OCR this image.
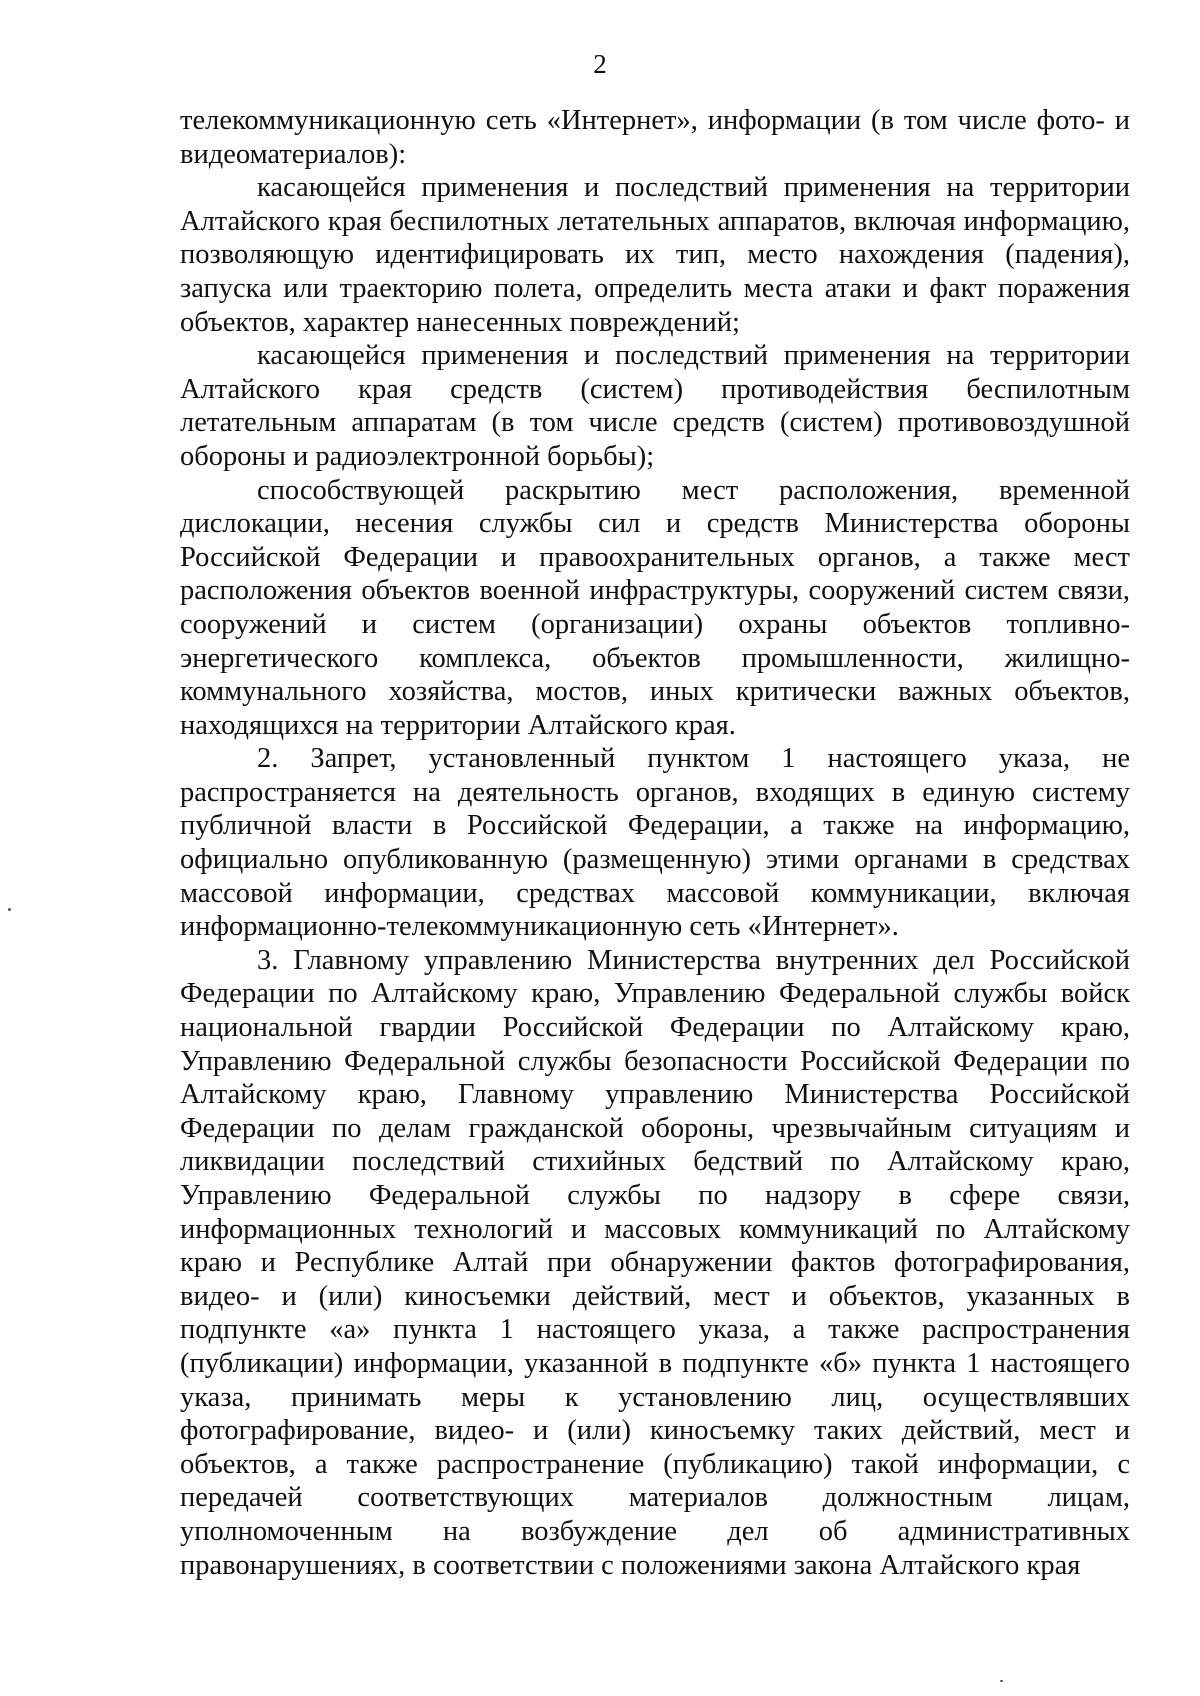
2

телекоммуникационную сеть «Интернет», информации (в том числе фото- и видеоматериалов):

касающейся применения и последствий применения на территории Алтайского края беспилотных летательных аппаратов, включая информацию, позволяющую идентифицировать их тип, место нахождения (падения), запуска или траекторию полета, определить места атаки и факт поражения объектов, характер нанесенных повреждений;

касающейся применения и последствий применения на территории Алтайского края средств (систем) противодействия беспилотным летательным аппаратам (в том числе средств (систем) противовоздушной обороны и радиоэлектронной борьбы);

способствующей раскрытию мест расположения, временной дислокации, несения службы сил и средств Министерства обороны Российской Федерации и правоохранительных органов, а также мест расположения объектов военной инфраструктуры, сооружений систем связи, сооружений и систем (организации) охраны объектов топливно-энергетического комплекса, объектов промышленности, жилищно-коммунального хозяйства, мостов, иных критически важных объектов, находящихся на территории Алтайского края.

2. Запрет, установленный пунктом 1 настоящего указа, не распространяется на деятельность органов, входящих в единую систему публичной власти в Российской Федерации, а также на информацию, официально опубликованную (размещенную) этими органами в средствах массовой информации, средствах массовой коммуникации, включая информационно-телекоммуникационную сеть «Интернет».

3. Главному управлению Министерства внутренних дел Российской Федерации по Алтайскому краю, Управлению Федеральной службы войск национальной гвардии Российской Федерации по Алтайскому краю, Управлению Федеральной службы безопасности Российской Федерации по Алтайскому краю, Главному управлению Министерства Российской Федерации по делам гражданской обороны, чрезвычайным ситуациям и ликвидации последствий стихийных бедствий по Алтайскому краю, Управлению Федеральной службы по надзору в сфере связи, информационных технологий и массовых коммуникаций по Алтайскому краю и Республике Алтай при обнаружении фактов фотографирования, видео- и (или) киносъемки действий, мест и объектов, указанных в подпункте «а» пункта 1 настоящего указа, а также распространения (публикации) информации, указанной в подпункте «б» пункта 1 настоящего указа, принимать меры к установлению лиц, осуществлявших фотографирование, видео- и (или) киносъемку таких действий, мест и объектов, а также распространение (публикацию) такой информации, с передачей соответствующих материалов должностным лицам, уполномоченным на возбуждение дел об административных правонарушениях, в соответствии с положениями закона Алтайского края
